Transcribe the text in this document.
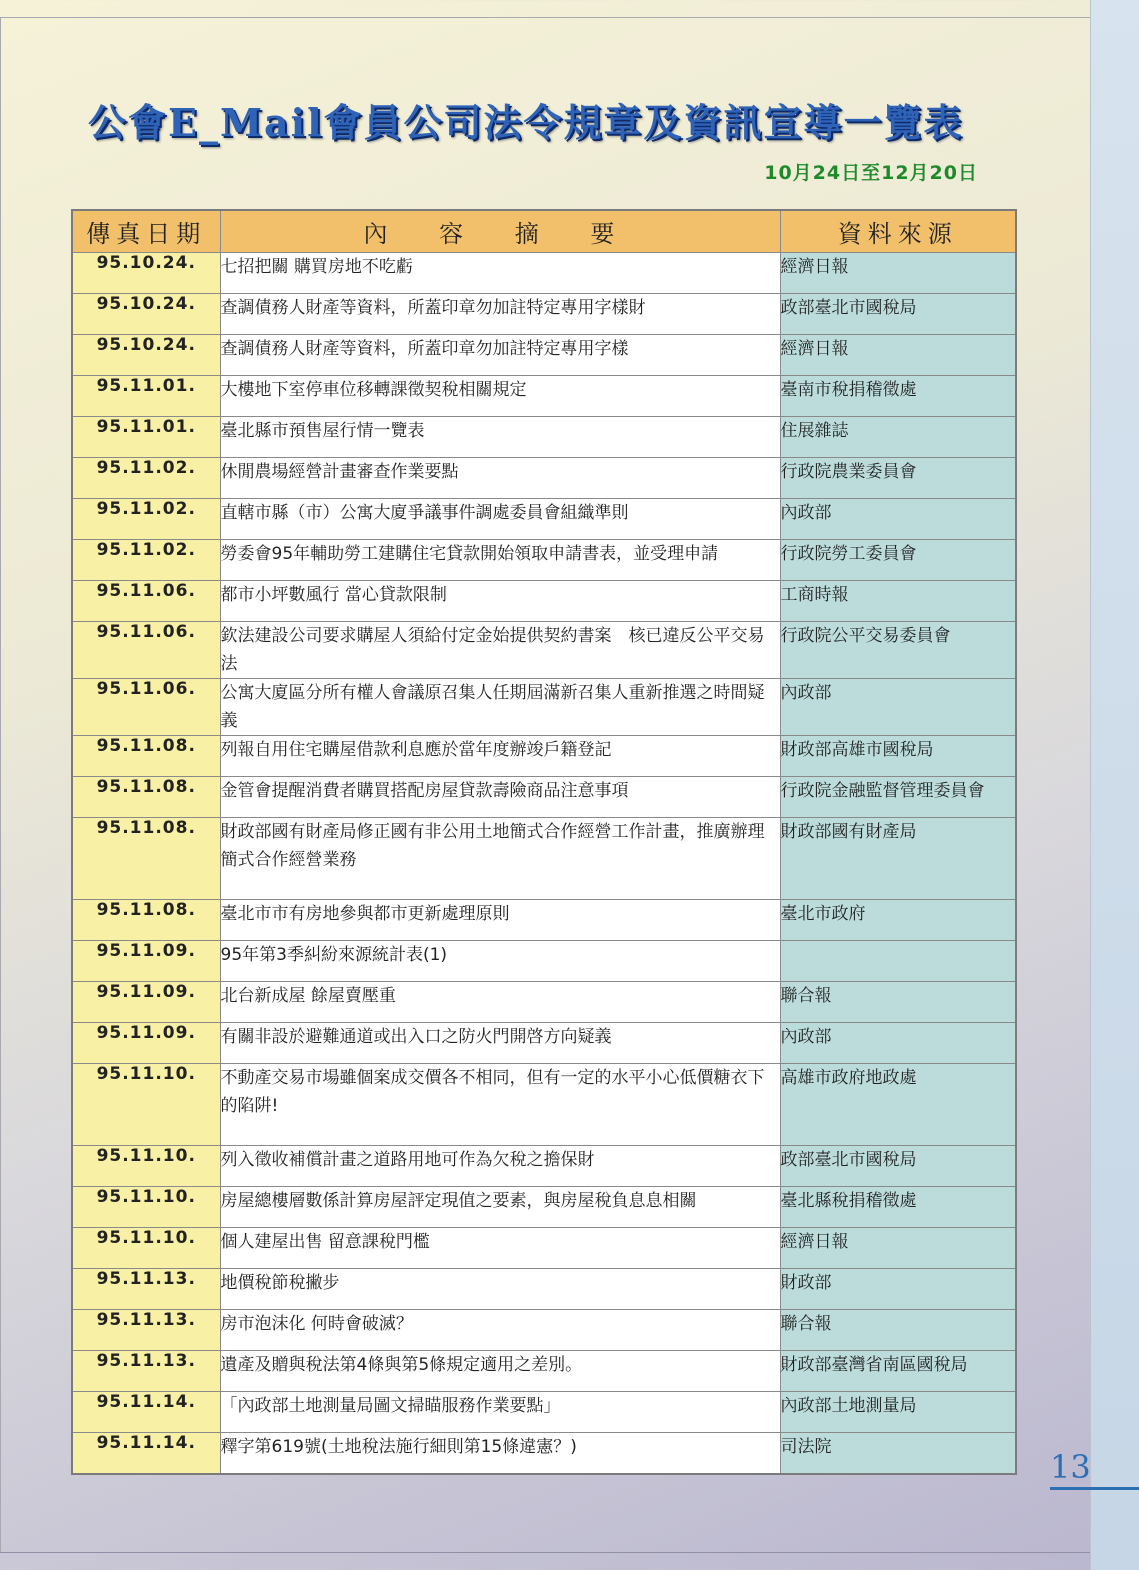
公會E_Mail會員公司法令規章及資訊宣導一覽表
10月24日至12月20日
傳真日期	內 容 摘 要	資料來源
95.10.24.	七招把關 購買房地不吃虧	經濟日報
95.10.24.	查調債務人財產等資料，所蓋印章勿加註特定專用字樣財	政部臺北市國稅局
95.10.24.	查調債務人財產等資料，所蓋印章勿加註特定專用字樣	經濟日報
95.11.01.	大樓地下室停車位移轉課徵契稅相關規定	臺南市稅捐稽徵處
95.11.01.	臺北縣市預售屋行情一覽表	住展雜誌
95.11.02.	休閒農場經營計畫審查作業要點	行政院農業委員會
95.11.02.	直轄市縣（市）公寓大廈爭議事件調處委員會組織準則	內政部
95.11.02.	勞委會95年輔助勞工建購住宅貸款開始領取申請書表，並受理申請	行政院勞工委員會
95.11.06.	都市小坪數風行 當心貸款限制	工商時報
95.11.06.	欽法建設公司要求購屋人須給付定金始提供契約書案　核已違反公平交易法	行政院公平交易委員會
95.11.06.	公寓大廈區分所有權人會議原召集人任期屆滿新召集人重新推選之時間疑義	內政部
95.11.08.	列報自用住宅購屋借款利息應於當年度辦竣戶籍登記	財政部高雄市國稅局
95.11.08.	金管會提醒消費者購買搭配房屋貸款壽險商品注意事項	行政院金融監督管理委員會
95.11.08.	財政部國有財產局修正國有非公用土地簡式合作經營工作計畫，推廣辦理簡式合作經營業務	財政部國有財產局
95.11.08.	臺北市市有房地參與都市更新處理原則	臺北市政府
95.11.09.	95年第3季糾紛來源統計表(1)	
95.11.09.	北台新成屋 餘屋賣壓重	聯合報
95.11.09.	有關非設於避難通道或出入口之防火門開啓方向疑義	內政部
95.11.10.	不動產交易市場雖個案成交價各不相同，但有一定的水平小心低價糖衣下的陷阱!	高雄市政府地政處
95.11.10.	列入徵收補償計畫之道路用地可作為欠稅之擔保財	政部臺北市國稅局
95.11.10.	房屋總樓層數係計算房屋評定現值之要素，與房屋稅負息息相關	臺北縣稅捐稽徵處
95.11.10.	個人建屋出售 留意課稅門檻	經濟日報
95.11.13.	地價稅節稅撇步	財政部
95.11.13.	房市泡沫化 何時會破滅？	聯合報
95.11.13.	遺產及贈與稅法第4條與第5條規定適用之差別。	財政部臺灣省南區國稅局
95.11.14.	「內政部土地測量局圖文掃瞄服務作業要點」	內政部土地測量局
95.11.14.	釋字第619號(土地稅法施行細則第15條違憲？)	司法院
13
